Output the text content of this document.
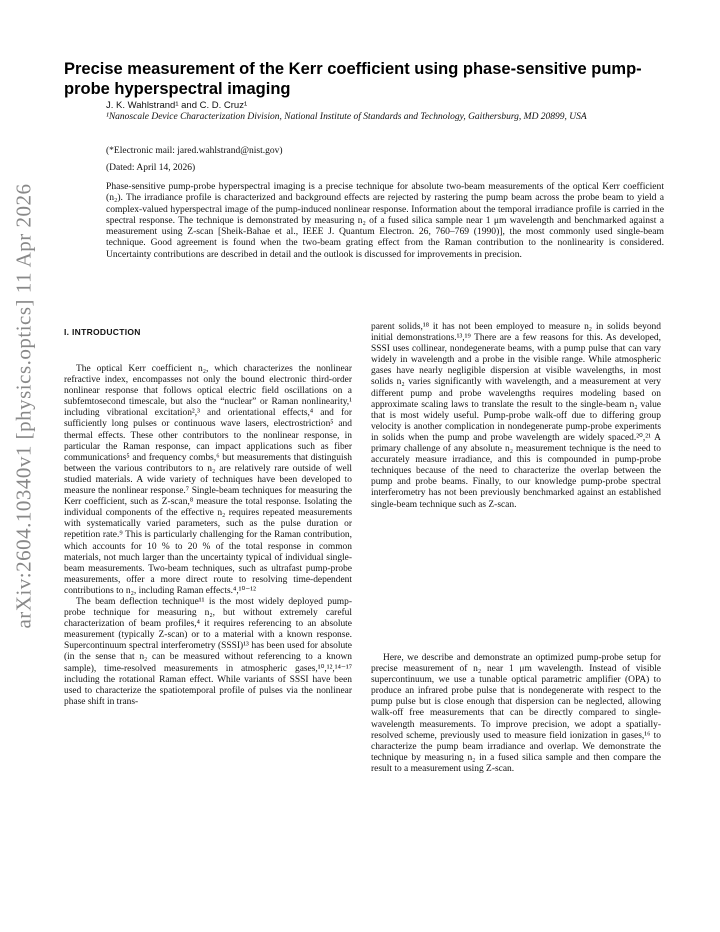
arXiv:2604.10340v1 [physics.optics] 11 Apr 2026
Precise measurement of the Kerr coefficient using phase-sensitive pump-probe hyperspectral imaging
J. K. Wahlstrand¹ and C. D. Cruz¹
¹Nanoscale Device Characterization Division, National Institute of Standards and Technology, Gaithersburg, MD 20899, USA
(*Electronic mail: jared.wahlstrand@nist.gov)
(Dated: April 14, 2026)
Phase-sensitive pump-probe hyperspectral imaging is a precise technique for absolute two-beam measurements of the optical Kerr coefficient (n₂). The irradiance profile is characterized and background effects are rejected by rastering the pump beam across the probe beam to yield a complex-valued hyperspectral image of the pump-induced nonlinear response. Information about the temporal irradiance profile is carried in the spectral response. The technique is demonstrated by measuring n₂ of a fused silica sample near 1 μm wavelength and benchmarked against a measurement using Z-scan [Sheik-Bahae et al., IEEE J. Quantum Electron. 26, 760–769 (1990)], the most commonly used single-beam technique. Good agreement is found when the two-beam grating effect from the Raman contribution to the nonlinearity is considered. Uncertainty contributions are described in detail and the outlook is discussed for improvements in precision.
I. INTRODUCTION

The optical Kerr coefficient n₂, which characterizes the nonlinear refractive index, encompasses not only the bound electronic third-order nonlinear response that follows optical electric field oscillations on a subfemtosecond timescale, but also the “nuclear” or Raman nonlinearity,¹ including vibrational excitation²,³ and orientational effects,⁴ and for sufficiently long pulses or continuous wave lasers, electrostriction⁵ and thermal effects. These other contributors to the nonlinear response, in particular the Raman response, can impact applications such as fiber communications⁵ and frequency combs,⁶ but measurements that distinguish between the various contributors to n₂ are relatively rare outside of well studied materials. A wide variety of techniques have been developed to measure the nonlinear response.⁷ Single-beam techniques for measuring the Kerr coefficient, such as Z-scan,⁸ measure the total response. Isolating the individual components of the effective n₂ requires repeated measurements with systematically varied parameters, such as the pulse duration or repetition rate.⁹ This is particularly challenging for the Raman contribution, which accounts for 10 % to 20 % of the total response in common materials, not much larger than the uncertainty typical of individual single-beam measurements. Two-beam techniques, such as ultrafast pump-probe measurements, offer a more direct route to resolving time-dependent contributions to n₂, including Raman effects.⁴,¹⁰⁻¹²

The beam deflection technique¹¹ is the most widely deployed pump-probe technique for measuring n₂, but without extremely careful characterization of beam profiles,⁴ it requires referencing to an absolute measurement (typically Z-scan) or to a material with a known response. Supercontinuum spectral interferometry (SSSI)¹³ has been used for absolute (in the sense that n₂ can be measured without referencing to a known sample), time-resolved measurements in atmospheric gases,¹⁰,¹²,¹⁴⁻¹⁷ including the rotational Raman effect. While variants of SSSI have been used to characterize the spatiotemporal profile of pulses via the nonlinear phase shift in trans-

parent solids,¹⁸ it has not been employed to measure n₂ in solids beyond initial demonstrations.¹³,¹⁹ There are a few reasons for this. As developed, SSSI uses collinear, nondegenerate beams, with a pump pulse that can vary widely in wavelength and a probe in the visible range. While atmospheric gases have nearly negligible dispersion at visible wavelengths, in most solids n₂ varies significantly with wavelength, and a measurement at very different pump and probe wavelengths requires modeling based on approximate scaling laws to translate the result to the single-beam n₂ value that is most widely useful. Pump-probe walk-off due to differing group velocity is another complication in nondegenerate pump-probe experiments in solids when the pump and probe wavelength are widely spaced.²⁰,²¹ A primary challenge of any absolute n₂ measurement technique is the need to accurately measure irradiance, and this is compounded in pump-probe techniques because of the need to characterize the overlap between the pump and probe beams. Finally, to our knowledge pump-probe spectral interferometry has not been previously benchmarked against an established single-beam technique such as Z-scan.

Here, we describe and demonstrate an optimized pump-probe setup for precise measurement of n₂ near 1 μm wavelength. Instead of visible supercontinuum, we use a tunable optical parametric amplifier (OPA) to produce an infrared probe pulse that is nondegenerate with respect to the pump pulse but is close enough that dispersion can be neglected, allowing walk-off free measurements that can be directly compared to single-wavelength measurements. To improve precision, we adopt a spatially-resolved scheme, previously used to measure field ionization in gases,¹⁶ to characterize the pump beam irradiance and overlap. We demonstrate the technique by measuring n₂ in a fused silica sample and then compare the result to a measurement using Z-scan.
